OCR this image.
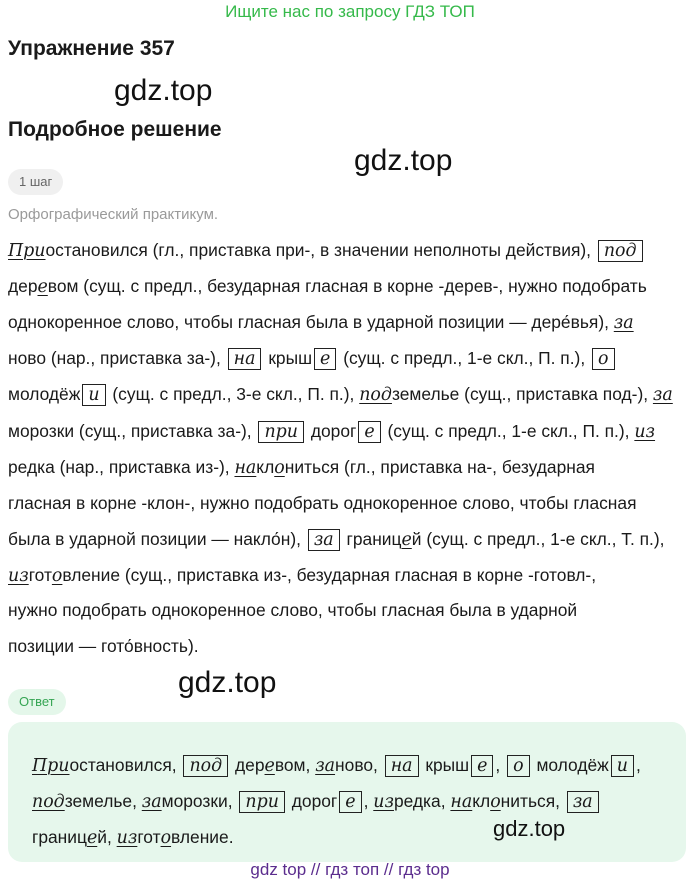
Ищите нас по запросу ГДЗ ТОП
Упражнение 357
gdz.top
Подробное решение
gdz.top
1 шаг
Орфографический практикум.
Приостановился (гл., приставка при-, в значении неполноты действия), под
деревом (сущ. с предл., безударная гласная в корне -дерев-, нужно подобрать
однокоренное слово, чтобы гласная была в ударной позиции — дере́вья), за
ново (нар., приставка за-), на крыш е (сущ. с предл., 1-е скл., П. п.), о
молодёж и (сущ. с предл., 3-е скл., П. п.), подземелье (сущ., приставка под-), за
морозки (сущ., приставка за-), при дорог е (сущ. с предл., 1-е скл., П. п.), из
редка (нар., приставка из-), наклониться (гл., приставка на-, безударная
гласная в корне -клон-, нужно подобрать однокоренное слово, чтобы гласная
была в ударной позиции — накло́н), за границей (сущ. с предл., 1-е скл., Т. п.),
изготовление (сущ., приставка из-, безударная гласная в корне -готовл-,
нужно подобрать однокоренное слово, чтобы гласная была в ударной
позиции — гото́вность).
gdz.top
Ответ
Приостановился, под деревом, заново, на крыш е , о молодёж и ,
подземелье, заморозки, при дорог е , изредка, наклониться, за
границей, изготовление.	gdz.top
gdz top // гдз топ // гдз top
